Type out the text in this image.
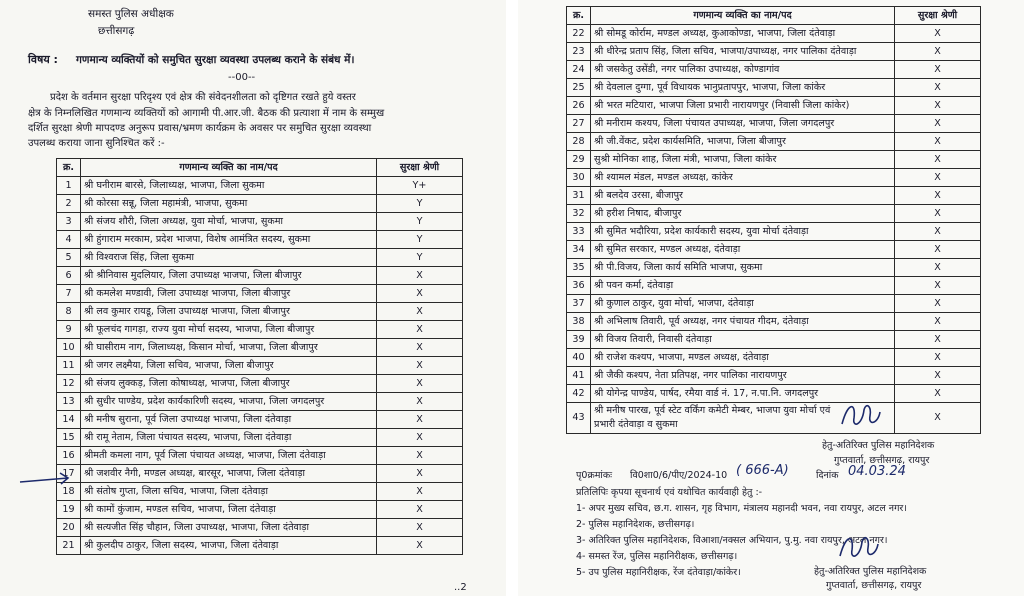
समस्त पुलिस अधीक्षक
छत्तीसगढ़
विषय : गणमान्य व्यक्तियों को समुचित सुरक्षा व्यवस्था उपलब्ध कराने के संबंध में।
--00--
प्रदेश के वर्तमान सुरक्षा परिदृश्य एवं क्षेत्र की संवेदनशीलता को दृष्टिगत रखते हुये वस्तर
क्षेत्र के निम्नलिखित गणमान्य व्यक्तियों को आगामी पी.आर.जी. बैठक की प्रत्याशा में नाम के सम्मुख
दर्शित सुरक्षा श्रेणी मापदण्ड अनुरूप प्रवास/भ्रमण कार्यक्रम के अवसर पर समुचित सुरक्षा व्यवस्था
उपलब्ध कराया जाना सुनिश्चित करें :-
क्र.	गणमान्य व्यक्ति का नाम/पद	सुरक्षा श्रेणी
1	श्री घनीराम बारसे, जिलाध्यक्ष, भाजपा, जिला सुकमा	Y+
2	श्री कोरसा सन्नू, जिला महामंत्री, भाजपा, सुकमा	Y
3	श्री संजय शौरी, जिला अध्यक्ष, युवा मोर्चा, भाजपा, सुकमा	Y
4	श्री हुंगाराम मरकाम, प्रदेश भाजपा, विशेष आमंत्रित सदस्य, सुकमा	Y
5	श्री विश्वराज सिंह, जिला सुकमा	Y
6	श्री श्रीनिवास मुदलियार, जिला उपाध्यक्ष भाजपा, जिला बीजापुर	X
7	श्री कमलेश मण्डावी, जिला उपाध्यक्ष भाजपा, जिला बीजापुर	X
8	श्री लव कुमार रायडू, जिला उपाध्यक्ष भाजपा, जिला बीजापुर	X
9	श्री फूलचंद गागड़ा, राज्य युवा मोर्चा सदस्य, भाजपा, जिला बीजापुर	X
10	श्री घासीराम नाग, जिलाध्यक्ष, किसान मोर्चा, भाजपा, जिला बीजापुर	X
11	श्री जगर लक्ष्मैया, जिला सचिव, भाजपा, जिला बीजापुर	X
12	श्री संजय लुक्कड़, जिला कोषाध्यक्ष, भाजपा, जिला बीजापुर	X
13	श्री सुधीर पाण्डेय, प्रदेश कार्यकारिणी सदस्य, भाजपा, जिला जगदलपुर	X
14	श्री मनीष सुराना, पूर्व जिला उपाध्यक्ष भाजपा, जिला दंतेवाड़ा	X
15	श्री रामू नेताम, जिला पंचायत सदस्य, भाजपा, जिला दंतेवाड़ा	X
16	श्रीमती कमला नाग, पूर्व जिला पंचायत अध्यक्ष, भाजपा, जिला दंतेवाड़ा	X
17	श्री जशवीर नैगी, मण्डल अध्यक्ष, बारसूर, भाजपा, जिला दंतेवाड़ा	X
18	श्री संतोष गुप्ता, जिला सचिव, भाजपा, जिला दंतेवाड़ा	X
19	श्री कामों कुंजाम, मण्डल सचिव, भाजपा, जिला दंतेवाड़ा	X
20	श्री सत्यजीत सिंह चौहान, जिला उपाध्यक्ष, भाजपा, जिला दंतेवाड़ा	X
21	श्री कुलदीप ठाकुर, जिला सदस्य, भाजपा, जिला दंतेवाड़ा	X
..2
क्र.	गणमान्य व्यक्ति का नाम/पद	सुरक्षा श्रेणी
22	श्री सोमडू कोर्राम, मण्डल अध्यक्ष, कुआकोण्डा, भाजपा, जिला दंतेवाड़ा	X
23	श्री धीरेन्द्र प्रताप सिंह, जिला सचिव, भाजपा/उपाध्यक्ष, नगर पालिका दंतेवाड़ा	X
24	श्री जसकेतु उसेंडी, नगर पालिका उपाध्यक्ष, कोण्डागांव	X
25	श्री देवलाल दुग्गा, पूर्व विधायक भानुप्रतापपुर, भाजपा, जिला कांकेर	X
26	श्री भरत मटियारा, भाजपा जिला प्रभारी नारायणपुर (निवासी जिला कांकेर)	X
27	श्री मनीराम कश्यप, जिला पंचायत उपाध्यक्ष, भाजपा, जिला जगदलपुर	X
28	श्री जी.वेंकट, प्रदेश कार्यसमिति, भाजपा, जिला बीजापुर	X
29	सुश्री मोनिका शाह, जिला मंत्री, भाजपा, जिला कांकेर	X
30	श्री श्यामल मंडल, मण्डल अध्यक्ष, कांकेर	X
31	श्री बलदेव उरसा, बीजापुर	X
32	श्री हरीश निषाद, बीजापुर	X
33	श्री सुमित भदौरिया, प्रदेश कार्यकारी सदस्य, युवा मोर्चा दंतेवाड़ा	X
34	श्री सुमित सरकार, मण्डल अध्यक्ष, दंतेवाड़ा	X
35	श्री पी.विजय, जिला कार्य समिति भाजपा, सुकमा	X
36	श्री पवन कर्मा, दंतेवाड़ा	X
37	श्री कुणाल ठाकुर, युवा मोर्चा, भाजपा, दंतेवाड़ा	X
38	श्री अभिलाष तिवारी, पूर्व अध्यक्ष, नगर पंचायत गीदम, दंतेवाड़ा	X
39	श्री विजय तिवारी, निवासी दंतेवाड़ा	X
40	श्री राजेश कश्यप, भाजपा, मण्डल अध्यक्ष, दंतेवाड़ा	X
41	श्री जैकी कश्यप, नेता प्रतिपक्ष, नगर पालिका नारायणपुर	X
42	श्री योगेन्द्र पाण्डेय, पार्षद, रमैया वार्ड नं. 17, न.पा.नि. जगदलपुर	X
43	श्री मनीष पारख, पूर्व स्टेट वर्किंग कमेटी मेम्बर, भाजपा युवा मोर्चा एवं
प्रभारी दंतेवाड़ा व सुकमा	X
हेतु-अतिरिक्त पुलिस महानिदेशक
गुप्तवार्ता, छत्तीसगढ़, रायपुर
पृ0क्रमांकः वि0शा0/6/पीए/2024-10 ( 666-A)	दिनांक 04.03.24
प्रतिलिपिः कृपया सूचनार्थ एवं यथोचित कार्यवाही हेतु :-
1- अपर मुख्य सचिव, छ.ग. शासन, गृह विभाग, मंत्रालय महानदी भवन, नवा रायपुर, अटल नगर।
2- पुलिस महानिदेशक, छत्तीसगढ़।
3- अतिरिक्त पुलिस महानिदेशक, विआशा/नक्सल अभियान, पु.मु. नवा रायपुर, अटल नगर।
4- समस्त रेंज, पुलिस महानिरीक्षक, छत्तीसगढ़।
5- उप पुलिस महानिरीक्षक, रेंज दंतेवाड़ा/कांकेर।	हेतु-अतिरिक्त पुलिस महानिदेशक
गुप्तवार्ता, छत्तीसगढ़, रायपुर
